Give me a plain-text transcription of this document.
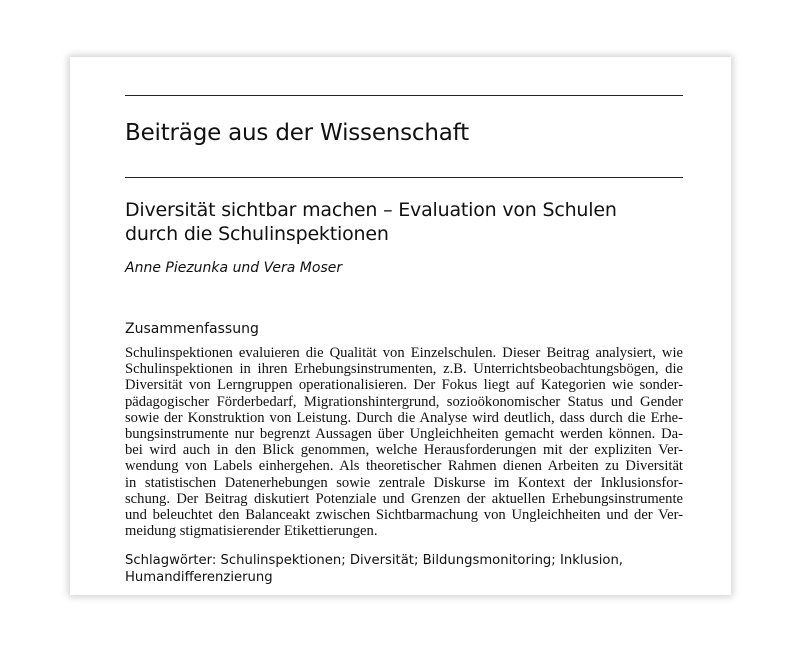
Beiträge aus der Wissenschaft
Diversität sichtbar machen – Evaluation von Schulen
durch die Schulinspektionen
Anne Piezunka und Vera Moser
Zusammenfassung
Schulinspektionen evaluieren die Qualität von Einzelschulen. Dieser Beitrag analysiert, wie
Schulinspektionen in ihren Erhebungsinstrumenten, z.B. Unterrichtsbeobachtungsbögen, die
Diversität von Lerngruppen operationalisieren. Der Fokus liegt auf Kategorien wie sonder-
pädagogischer Förderbedarf, Migrationshintergrund, sozioökonomischer Status und Gender
sowie der Konstruktion von Leistung. Durch die Analyse wird deutlich, dass durch die Erhe-
bungsinstrumente nur begrenzt Aussagen über Ungleichheiten gemacht werden können. Da-
bei wird auch in den Blick genommen, welche Herausforderungen mit der expliziten Ver-
wendung von Labels einhergehen. Als theoretischer Rahmen dienen Arbeiten zu Diversität
in statistischen Datenerhebungen sowie zentrale Diskurse im Kontext der Inklusionsfor-
schung. Der Beitrag diskutiert Potenziale und Grenzen der aktuellen Erhebungsinstrumente
und beleuchtet den Balanceakt zwischen Sichtbarmachung von Ungleichheiten und der Ver-
meidung stigmatisierender Etikettierungen.
Schlagwörter: Schulinspektionen; Diversität; Bildungsmonitoring; Inklusion,
Humandifferenzierung
